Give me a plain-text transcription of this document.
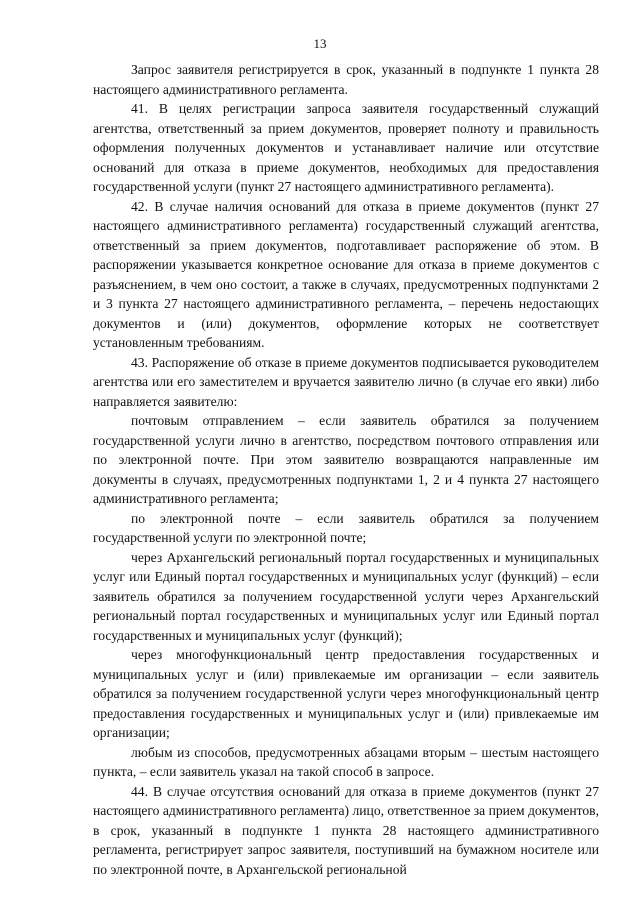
13

Запрос заявителя регистрируется в срок, указанный в подпункте 1 пункта 28 настоящего административного регламента.

41. В целях регистрации запроса заявителя государственный служащий агентства, ответственный за прием документов, проверяет полноту и правильность оформления полученных документов и устанавливает наличие или отсутствие оснований для отказа в приеме документов, необходимых для предоставления государственной услуги (пункт 27 настоящего административного регламента).

42. В случае наличия оснований для отказа в приеме документов (пункт 27 настоящего административного регламента) государственный служащий агентства, ответственный за прием документов, подготавливает распоряжение об этом. В распоряжении указывается конкретное основание для отказа в приеме документов с разъяснением, в чем оно состоит, а также в случаях, предусмотренных подпунктами 2 и 3 пункта 27 настоящего административного регламента, – перечень недостающих документов и (или) документов, оформление которых не соответствует установленным требованиям.

43. Распоряжение об отказе в приеме документов подписывается руководителем агентства или его заместителем и вручается заявителю лично (в случае его явки) либо направляется заявителю:

почтовым отправлением – если заявитель обратился за получением государственной услуги лично в агентство, посредством почтового отправления или по электронной почте. При этом заявителю возвращаются направленные им документы в случаях, предусмотренных подпунктами 1, 2 и 4 пункта 27 настоящего административного регламента;

по электронной почте – если заявитель обратился за получением государственной услуги по электронной почте;

через Архангельский региональный портал государственных и муниципальных услуг или Единый портал государственных и муниципальных услуг (функций) – если заявитель обратился за получением государственной услуги через Архангельский региональный портал государственных и муниципальных услуг или Единый портал государственных и муниципальных услуг (функций);

через многофункциональный центр предоставления государственных и муниципальных услуг и (или) привлекаемые им организации – если заявитель обратился за получением государственной услуги через многофункциональный центр предоставления государственных и муниципальных услуг и (или) привлекаемые им организации;

любым из способов, предусмотренных абзацами вторым – шестым настоящего пункта, – если заявитель указал на такой способ в запросе.

44. В случае отсутствия оснований для отказа в приеме документов (пункт 27 настоящего административного регламента) лицо, ответственное за прием документов, в срок, указанный в подпункте 1 пункта 28 настоящего административного регламента, регистрирует запрос заявителя, поступивший на бумажном носителе или по электронной почте, в Архангельской региональной
